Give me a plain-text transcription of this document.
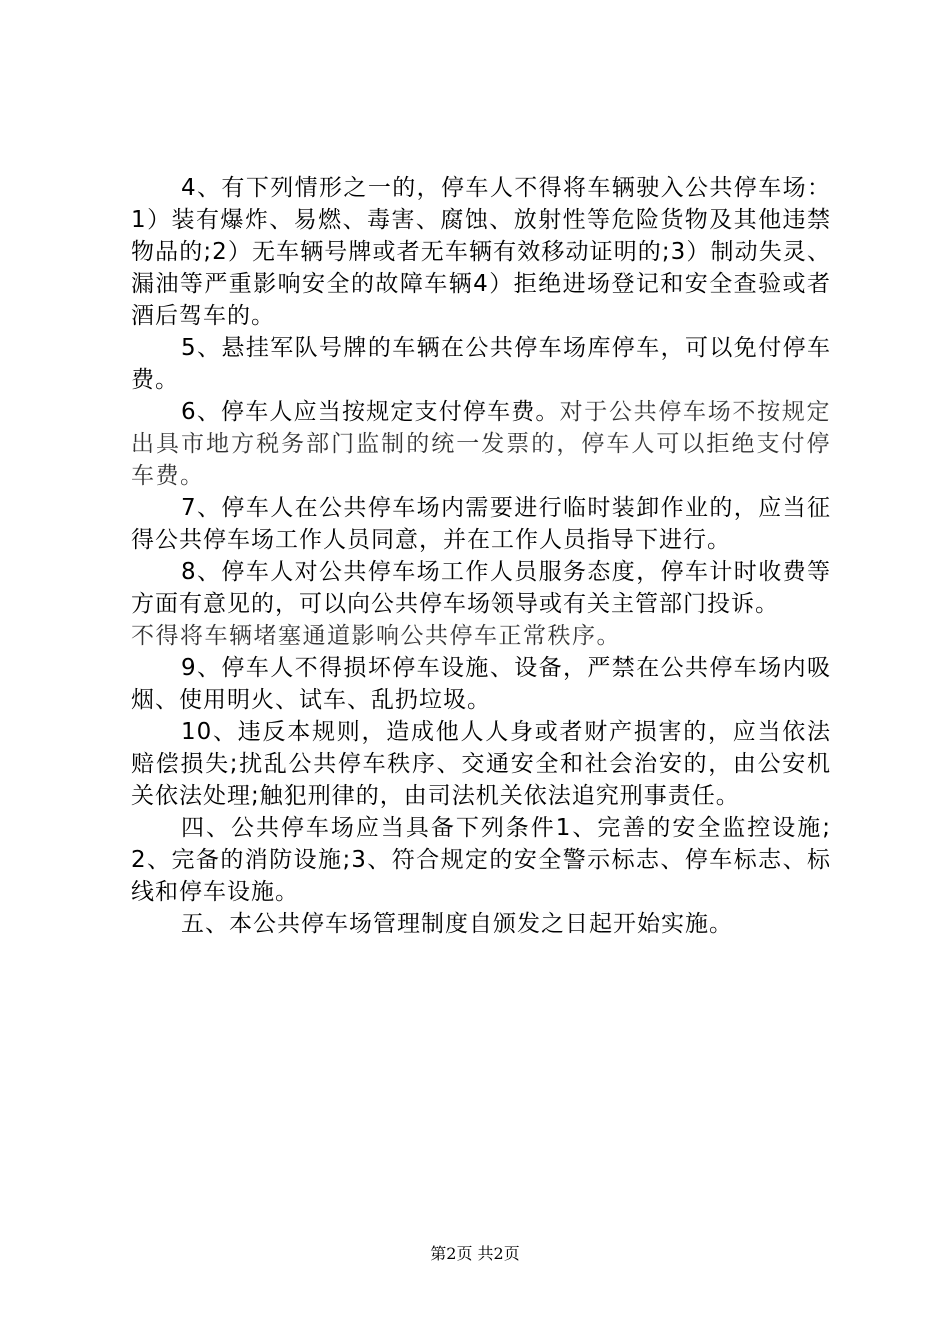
4、有下列情形之一的，停车人不得将车辆驶入公共停车场：1）装有爆炸、易燃、毒害、腐蚀、放射性等危险货物及其他违禁物品的;2）无车辆号牌或者无车辆有效移动证明的;3）制动失灵、漏油等严重影响安全的故障车辆4）拒绝进场登记和安全查验或者酒后驾车的。

5、悬挂军队号牌的车辆在公共停车场库停车，可以免付停车费。

6、停车人应当按规定支付停车费。对于公共停车场不按规定出具市地方税务部门监制的统一发票的，停车人可以拒绝支付停车费。

7、停车人在公共停车场内需要进行临时装卸作业的，应当征得公共停车场工作人员同意，并在工作人员指导下进行。

8、停车人对公共停车场工作人员服务态度，停车计时收费等方面有意见的，可以向公共停车场领导或有关主管部门投诉。

不得将车辆堵塞通道影响公共停车正常秩序。

9、停车人不得损坏停车设施、设备，严禁在公共停车场内吸烟、使用明火、试车、乱扔垃圾。

10、违反本规则，造成他人人身或者财产损害的，应当依法赔偿损失;扰乱公共停车秩序、交通安全和社会治安的，由公安机关依法处理;触犯刑律的，由司法机关依法追究刑事责任。

四、公共停车场应当具备下列条件1、完善的安全监控设施;2、完备的消防设施;3、符合规定的安全警示标志、停车标志、标线和停车设施。

五、本公共停车场管理制度自颁发之日起开始实施。

第2页 共2页
